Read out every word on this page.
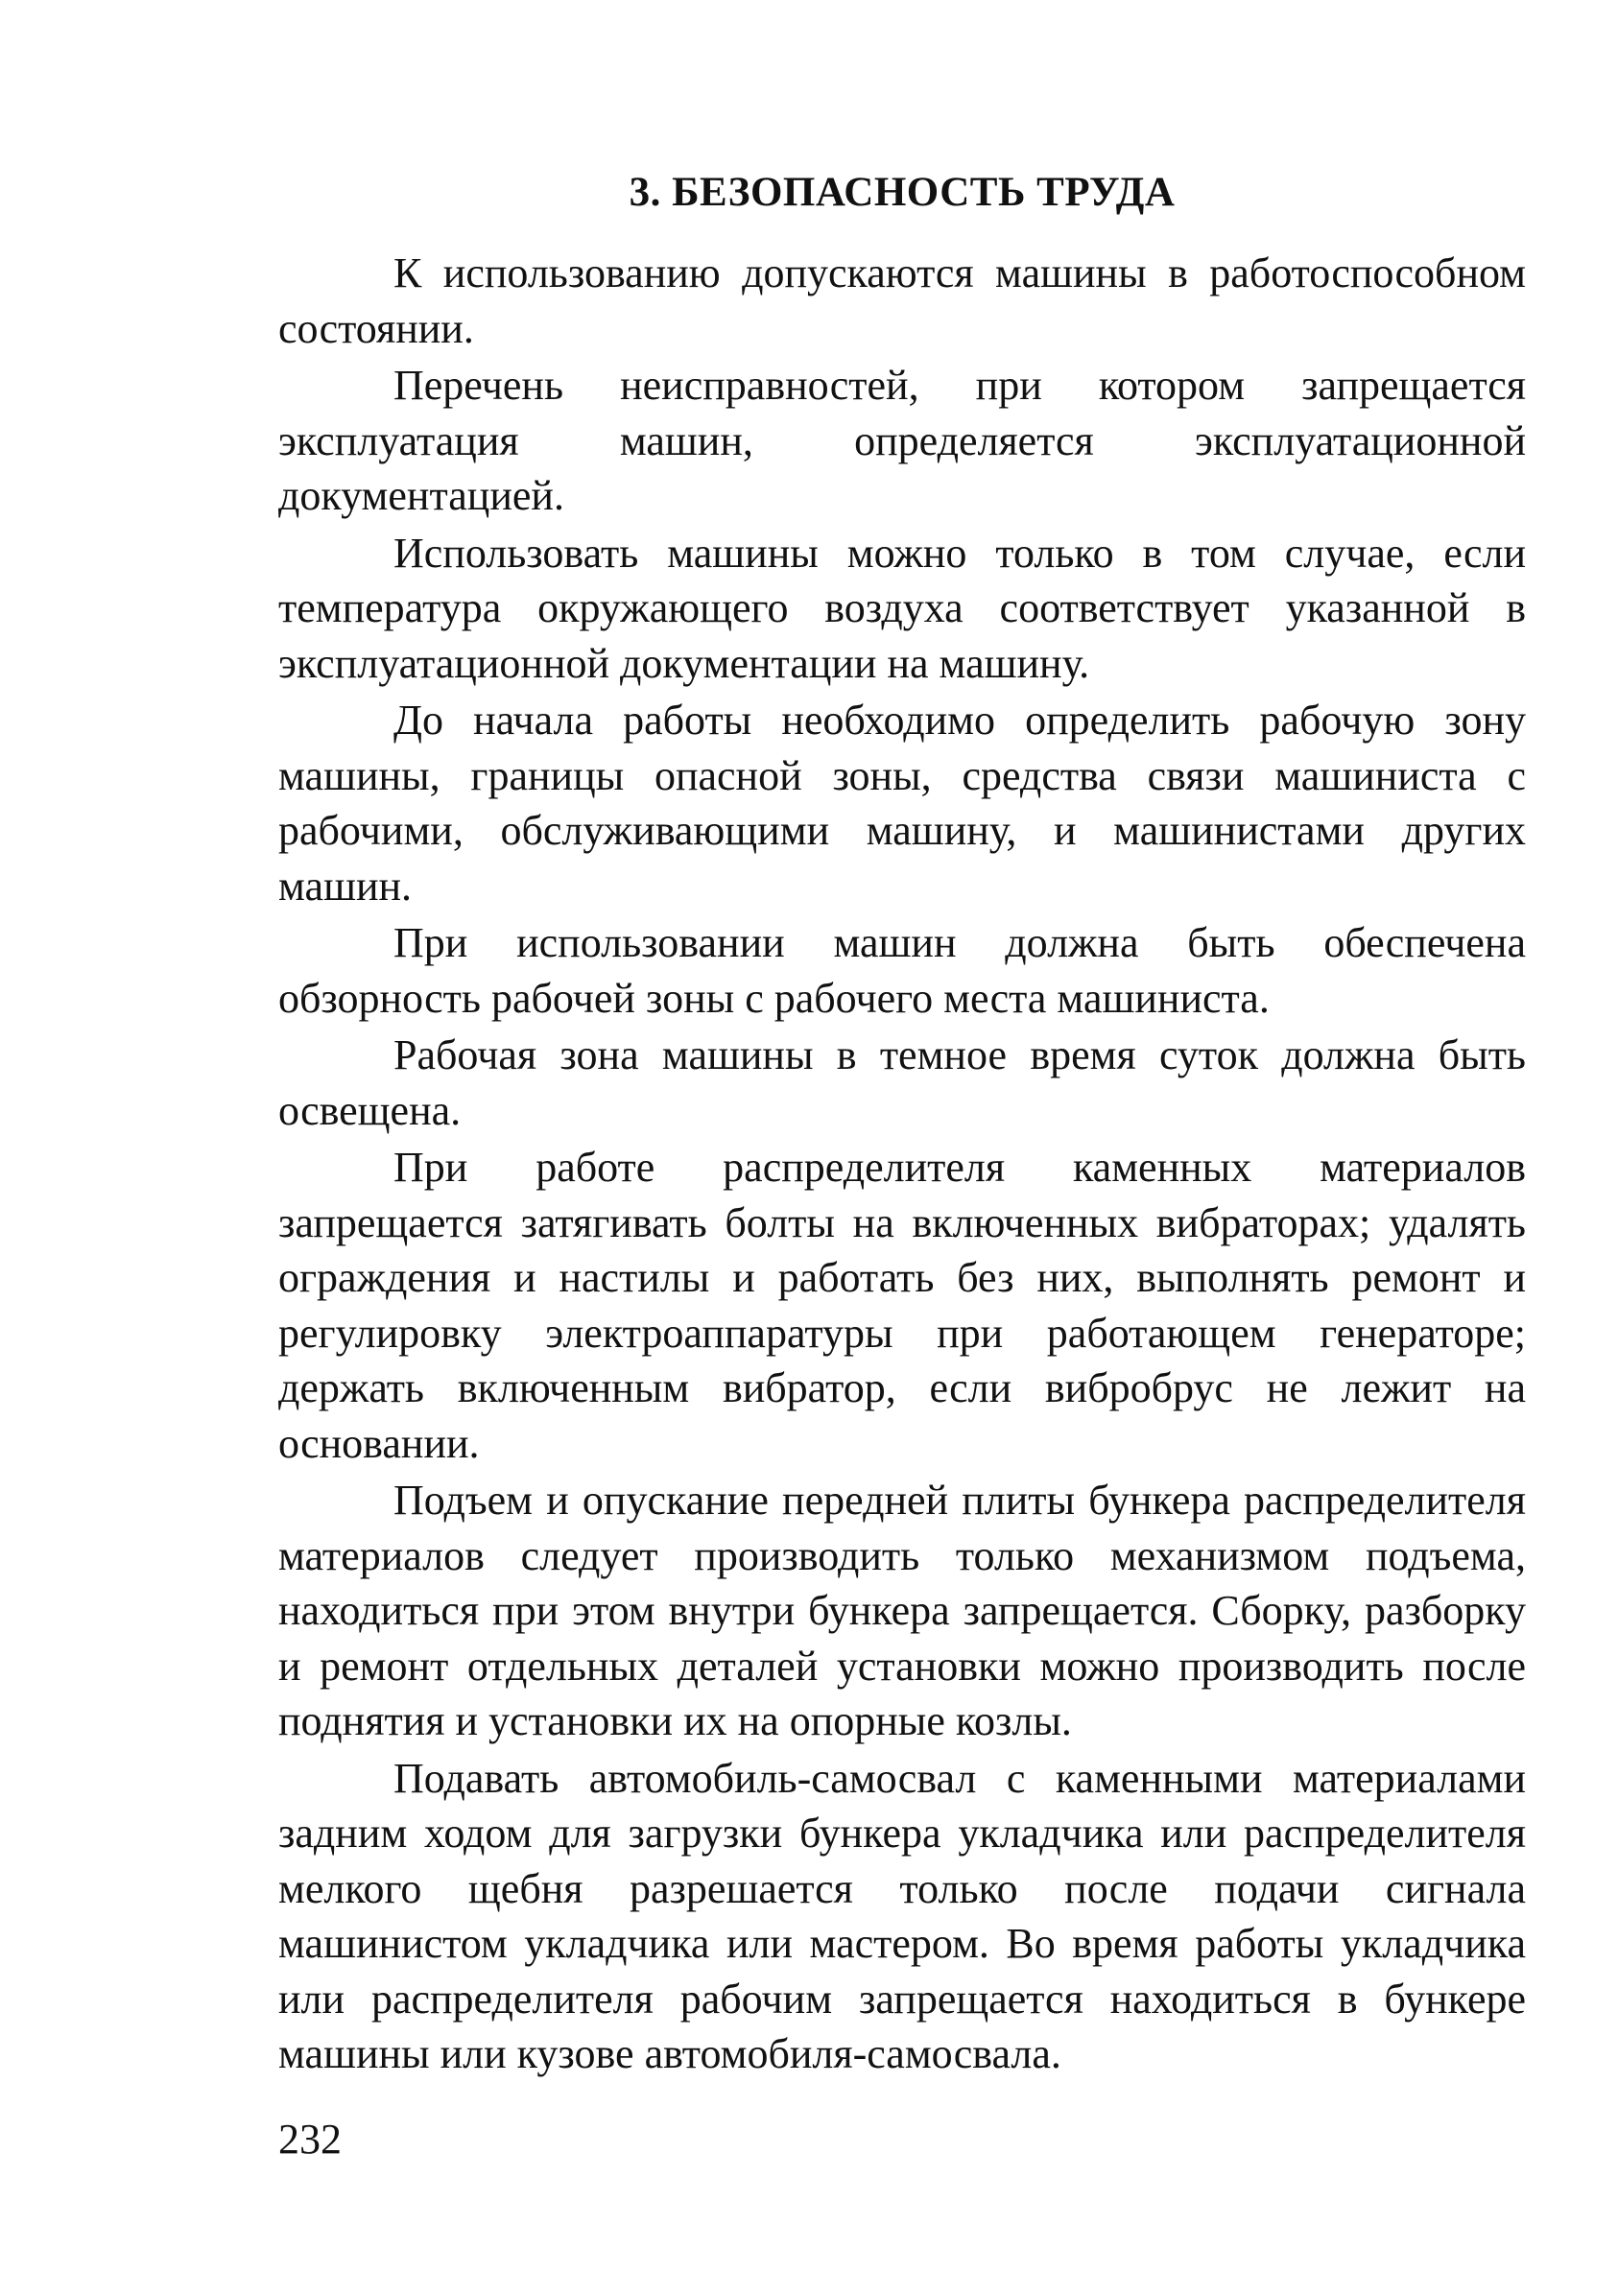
3. БЕЗОПАСНОСТЬ ТРУДА

К использованию допускаются машины в работоспособном состоянии.

Перечень неисправностей, при котором запрещается эксплуатация машин, определяется эксплуатационной документацией.

Использовать машины можно только в том случае, если температура окружающего воздуха соответствует указанной в эксплуатационной документации на машину.

До начала работы необходимо определить рабочую зону машины, границы опасной зоны, средства связи машиниста с рабочими, обслуживающими машину, и машинистами других машин.

При использовании машин должна быть обеспечена обзорность рабочей зоны с рабочего места машиниста.

Рабочая зона машины в темное время суток должна быть освещена.

При работе распределителя каменных материалов запрещается затягивать болты на включенных вибраторах; удалять ограждения и настилы и работать без них, выполнять ремонт и регулировку электроаппаратуры при работающем генераторе; держать включенным вибратор, если вибробрус не лежит на основании.

Подъем и опускание передней плиты бункера распределителя материалов следует производить только механизмом подъема, находиться при этом внутри бункера запрещается. Сборку, разборку и ремонт отдельных деталей установки можно производить после поднятия и установки их на опорные козлы.

Подавать автомобиль-самосвал с каменными материалами задним ходом для загрузки бункера укладчика или распределителя мелкого щебня разрешается только после подачи сигнала машинистом укладчика или мастером. Во время работы укладчика или распределителя рабочим запрещается находиться в бункере машины или кузове автомобиля-самосвала.

232
